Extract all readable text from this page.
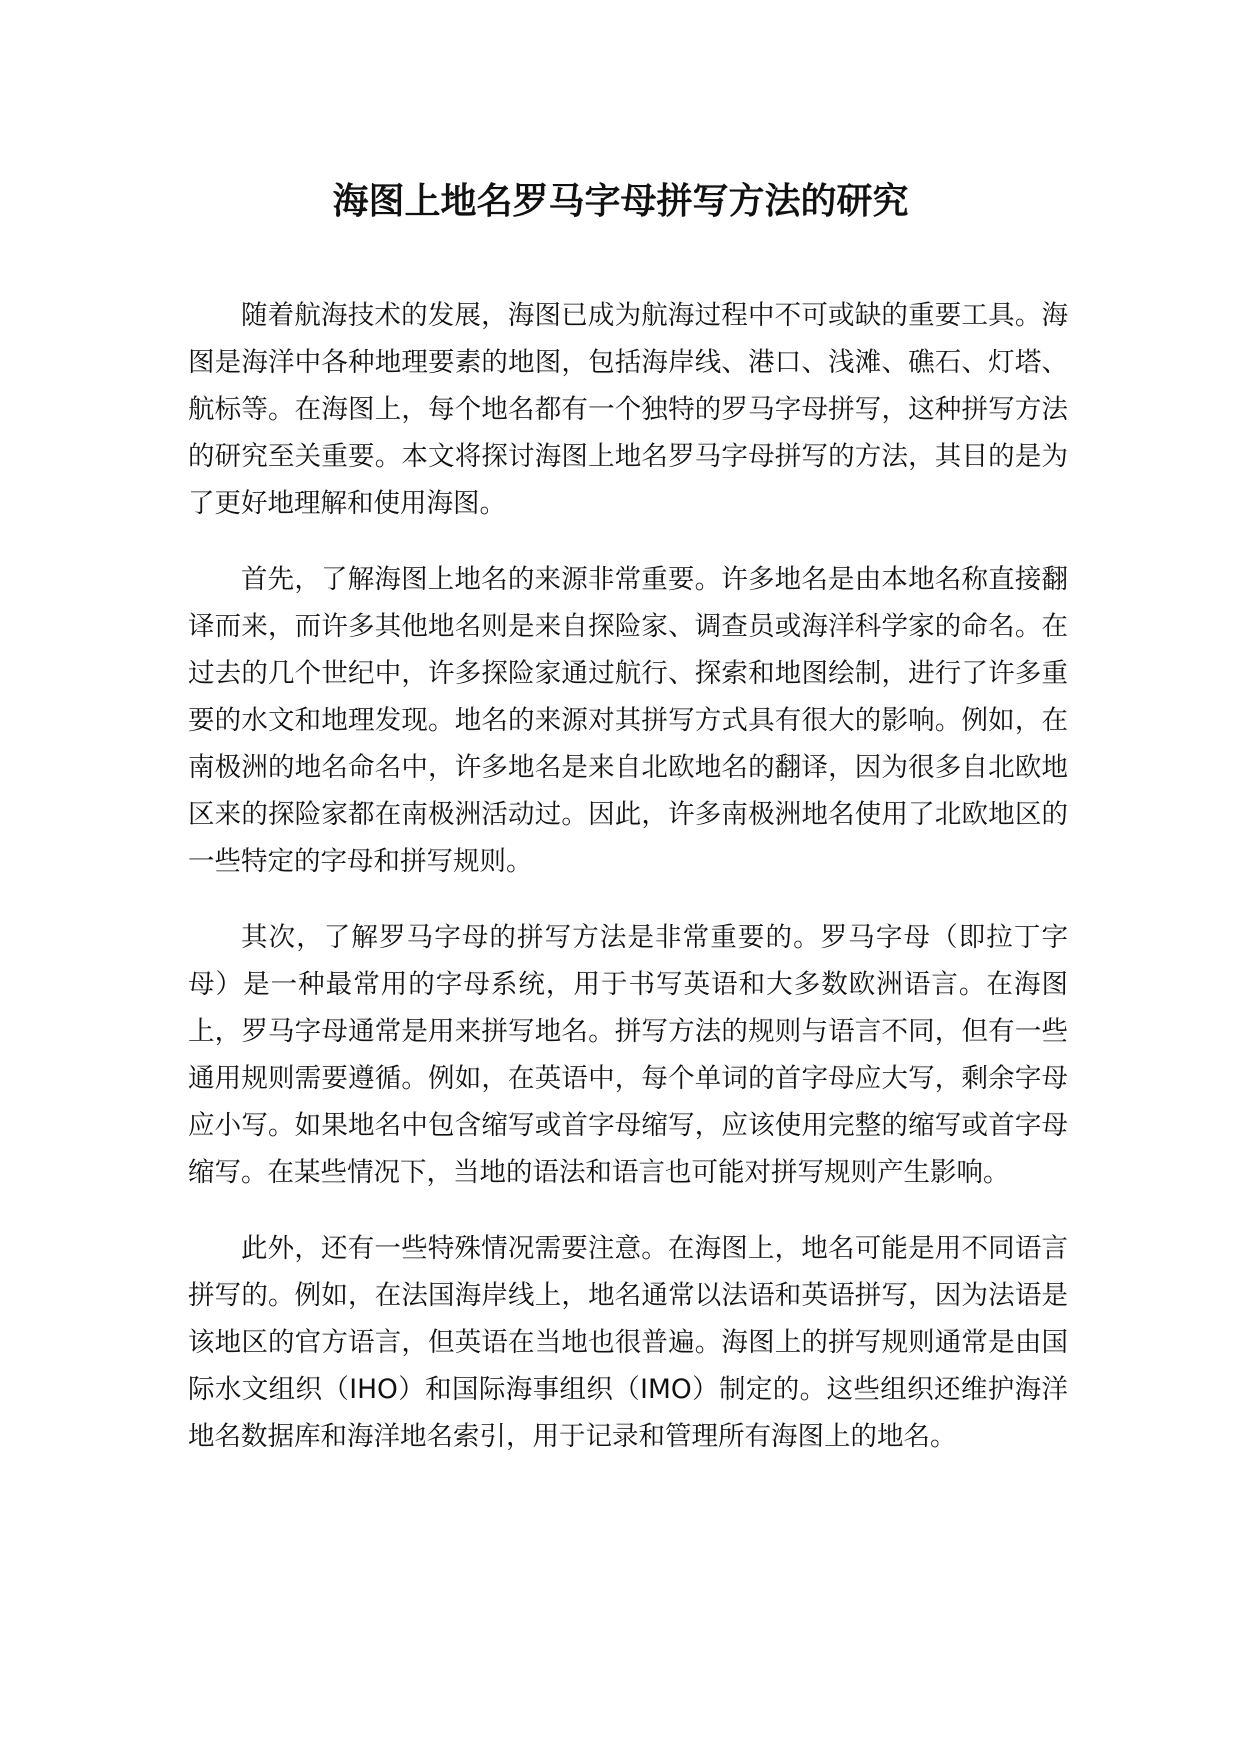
海图上地名罗马字母拼写方法的研究

随着航海技术的发展，海图已成为航海过程中不可或缺的重要工具。海图是海洋中各种地理要素的地图，包括海岸线、港口、浅滩、礁石、灯塔、航标等。在海图上，每个地名都有一个独特的罗马字母拼写，这种拼写方法的研究至关重要。本文将探讨海图上地名罗马字母拼写的方法，其目的是为了更好地理解和使用海图。

首先，了解海图上地名的来源非常重要。许多地名是由本地名称直接翻译而来，而许多其他地名则是来自探险家、调查员或海洋科学家的命名。在过去的几个世纪中，许多探险家通过航行、探索和地图绘制，进行了许多重要的水文和地理发现。地名的来源对其拼写方式具有很大的影响。例如，在南极洲的地名命名中，许多地名是来自北欧地名的翻译，因为很多自北欧地区来的探险家都在南极洲活动过。因此，许多南极洲地名使用了北欧地区的一些特定的字母和拼写规则。

其次，了解罗马字母的拼写方法是非常重要的。罗马字母（即拉丁字母）是一种最常用的字母系统，用于书写英语和大多数欧洲语言。在海图上，罗马字母通常是用来拼写地名。拼写方法的规则与语言不同，但有一些通用规则需要遵循。例如，在英语中，每个单词的首字母应大写，剩余字母应小写。如果地名中包含缩写或首字母缩写，应该使用完整的缩写或首字母缩写。在某些情况下，当地的语法和语言也可能对拼写规则产生影响。

此外，还有一些特殊情况需要注意。在海图上，地名可能是用不同语言拼写的。例如，在法国海岸线上，地名通常以法语和英语拼写，因为法语是该地区的官方语言，但英语在当地也很普遍。海图上的拼写规则通常是由国际水文组织（IHO）和国际海事组织（IMO）制定的。这些组织还维护海洋地名数据库和海洋地名索引，用于记录和管理所有海图上的地名。
